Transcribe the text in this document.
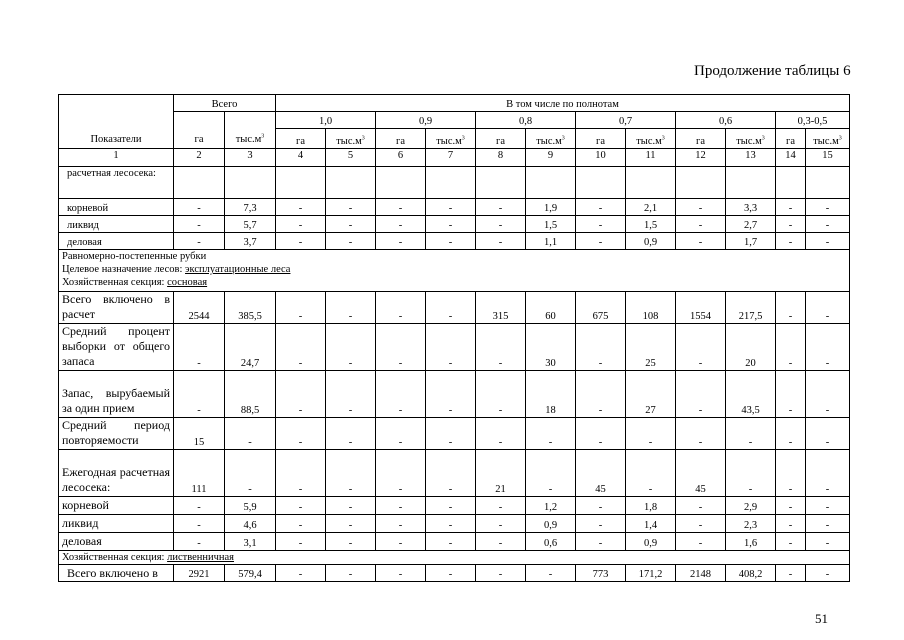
Продолжение таблицы 6
Показатели	Всего		В том числе по полнотам											
	га	$тыс.м^3$	1,0		0,9		0,8		0,7		0,6		0,3-0,5	
			га	$тыс.м^3$	га	$тыс.м^3$	га	$тыс.м^3$	га	$тыс.м^3$	га	$тыс.м^3$	га	$тыс.м^3$
1	2	3	4	5	6	7	8	9	10	11	12	13	14	15
расчетная лесосека:														
корневой	-	7,3	-	-	-	-	-	1,9	-	2,1	-	3,3	-	-
ликвид	-	5,7	-	-	-	-	-	1,5	-	1,5	-	2,7	-	-
деловая	-	3,7	-	-	-	-	-	1,1	-	0,9	-	1,7	-	-

Равномерно-постепенные рубки
Целевое назначение лесов: эксплуатационные леса
Хозяйственная секция: сосновая														

Всего включено в расчет	2544	385,5	-	-	-	-	315	60	675	108	1554	217,5	-	-
Средний процент выборки от общего запаса	-	24,7	-	-	-	-	-	30	-	25	-	20	-	-
Запас, вырубаемый за один прием	-	88,5	-	-	-	-	-	18	-	27	-	43,5	-	-
Средний период повторяемости	15	-	-	-	-	-	-	-	-	-	-	-	-	-
Ежегодная расчетная лесосека:	111	-	-	-	-	-	21	-	45	-	45	-	-	-
корневой	-	5,9	-	-	-	-	-	1,2	-	1,8	-	2,9	-	-
ликвид	-	4,6	-	-	-	-	-	0,9	-	1,4	-	2,3	-	-
деловая	-	3,1	-	-	-	-	-	0,6	-	0,9	-	1,6	-	-
Хозяйственная секция: лиственничная														
Всего включено в	2921	579,4	-	-	-	-	-	-	773	171,2	2148	408,2	-	-
51
